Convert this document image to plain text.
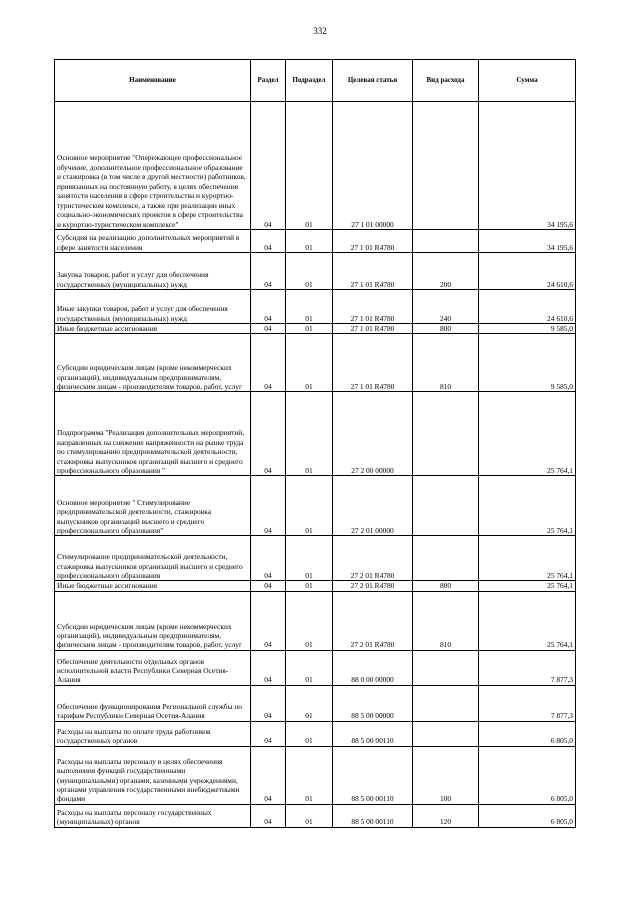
332
Наименование	Раздел	Подраздел	Целевая статья	Вид расхода	Сумма
Основное мероприятие "Опережающее профессиональное обучение, дополнительное профессиональное образование и стажировка (в том числе в другой местности) работников, привязанных на постоянную работу, в целях обеспечения занятости населения в сфере строительства и курортно-туристическом комплексе, а также при реализации иных социально-экономических проектов в сфере строительства и курортно-туристическом комплексе"	04	01	27 1 01 00000		34 195,6
Субсидия на реализацию дополнительных мероприятий в сфере занятости населения	04	01	27 1 01 R4780		34 195,6
Закупка товаров, работ и услуг для обеспечения государственных (муниципальных) нужд	04	01	27 1 01 R4780	200	24 610,6
Иные закупки товаров, работ и услуг для обеспечения государственных (муниципальных) нужд	04	01	27 1 01 R4780	240	24 610,6
Иные бюджетные ассигнования	04	01	27 1 01 R4780	800	9 585,0
Субсидии юридическим лицам (кроме некоммерческих организаций), индивидуальным предпринимателям, физическим лицам - производителям товаров, работ, услуг	04	01	27 1 01 R4780	810	9 585,0
Подпрограмма "Реализация дополнительных мероприятий, направленных на снижение напряженности на рынке труда по стимулированию предпринимательской деятельности, стажировка выпускников организаций высшего и среднего профессионального образования "	04	01	27 2 00 00000		25 764,1
Основное мероприятие " Стимулирование предпринимательской деятельности, стажировка выпускников организаций высшего и среднего профессионального образования"	04	01	27 2 01 00000		25 764,1
Стимулирование предпринимательской деятельности, стажировка выпускников организаций высшего и среднего профессионального образования	04	01	27 2 01 R4780		25 764,1
Иные бюджетные ассигнования	04	01	27 2 01 R4780	800	25 764,1
Субсидии юридическим лицам (кроме некоммерческих организаций), индивидуальным предпринимателям, физическим лицам - производителям товаров, работ, услуг	04	01	27 2 01 R4780	810	25 764,1
Обеспечение деятельности отдельных органов исполнительной власти Республики Северная Осетия-Алания	04	01	88 0 00 00000		7 877,3
Обеспечение функционирования Региональной службы по тарифам Республики Северная Осетия-Алания	04	01	88 5 00 00000		7 877,3
Расходы на выплаты по оплате труда работников государственных органов	04	01	88 5 00 00110		6 805,0
Расходы на выплаты персоналу в целях обеспечения выполнения функций государственными (муниципальными) органами, казенными учреждениями, органами управления государственными внебюджетными фондами	04	01	88 5 00 00110	100	6 805,0
Расходы на выплаты персоналу государственных (муниципальных) органов	04	01	88 5 00 00110	120	6 805,0
